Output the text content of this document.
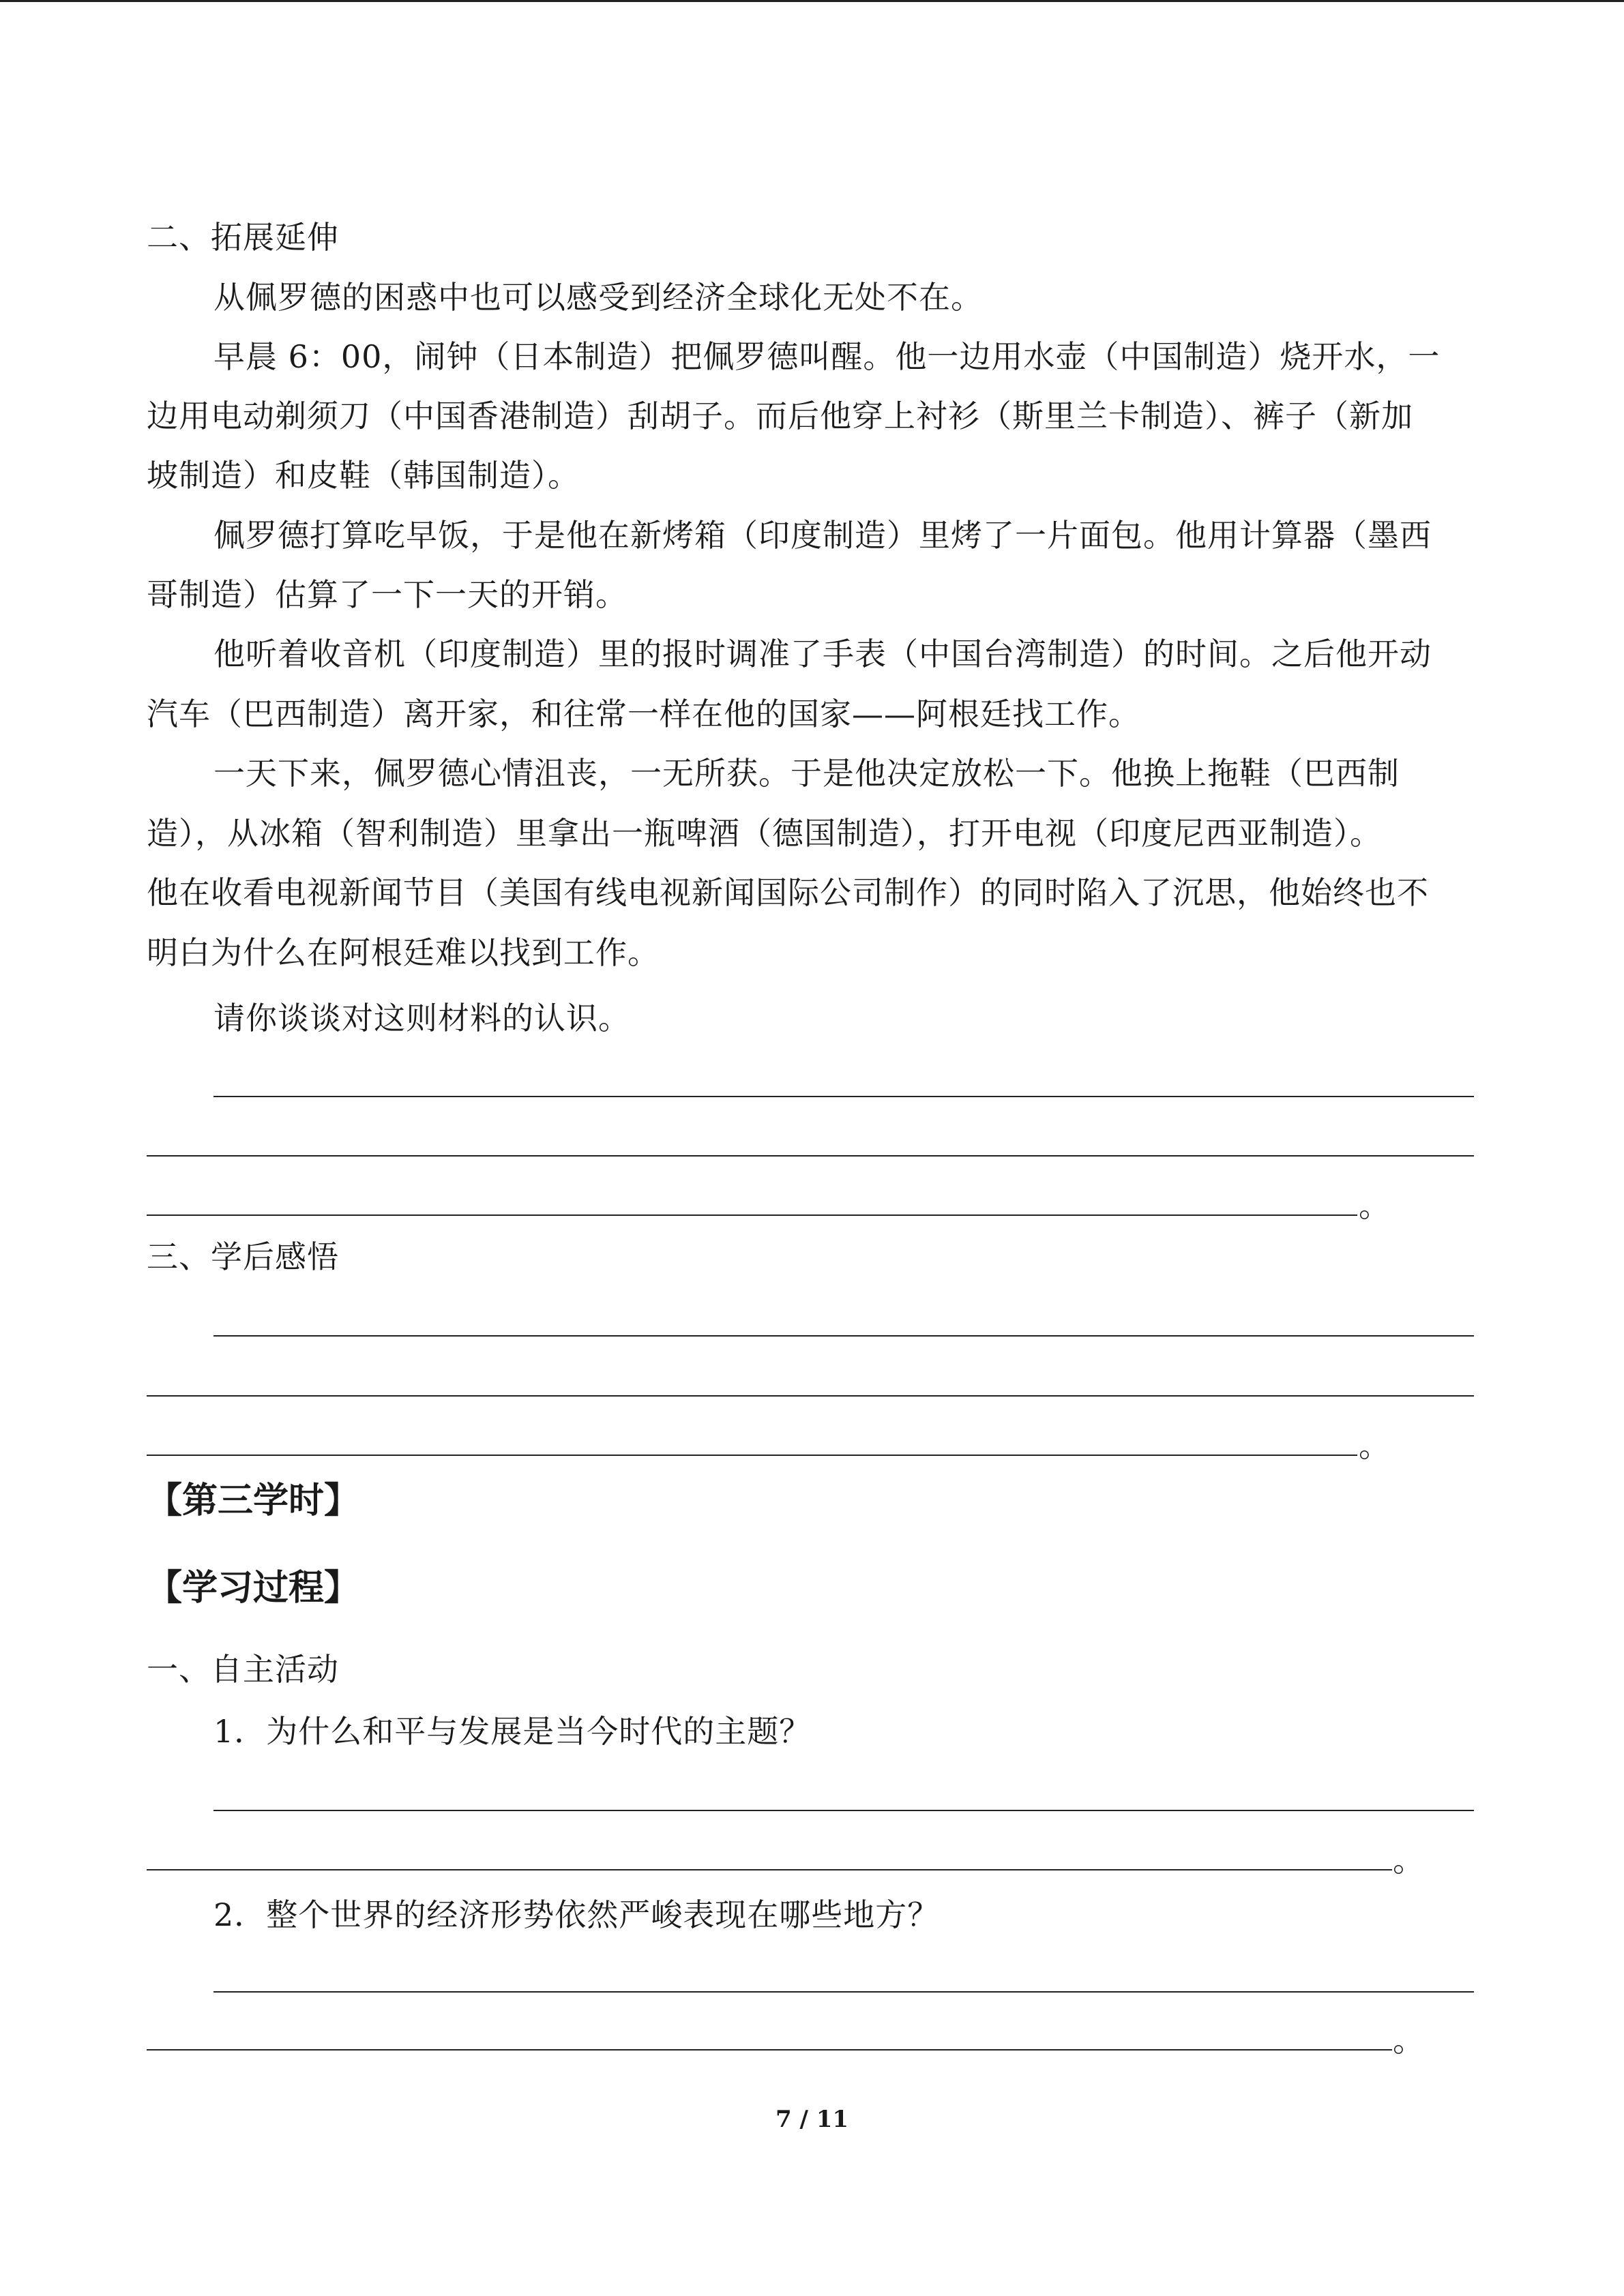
二、拓展延伸
从佩罗德的困惑中也可以感受到经济全球化无处不在。
早晨 6：00，闹钟（日本制造）把佩罗德叫醒。他一边用水壶（中国制造）烧开水，一
边用电动剃须刀（中国香港制造）刮胡子。而后他穿上衬衫（斯里兰卡制造）、裤子（新加
坡制造）和皮鞋（韩国制造）。
佩罗德打算吃早饭，于是他在新烤箱（印度制造）里烤了一片面包。他用计算器（墨西
哥制造）估算了一下一天的开销。
他听着收音机（印度制造）里的报时调准了手表（中国台湾制造）的时间。之后他开动
汽车（巴西制造）离开家，和往常一样在他的国家——阿根廷找工作。
一天下来，佩罗德心情沮丧，一无所获。于是他决定放松一下。他换上拖鞋（巴西制
造），从冰箱（智利制造）里拿出一瓶啤酒（德国制造），打开电视（印度尼西亚制造）。
他在收看电视新闻节目（美国有线电视新闻国际公司制作）的同时陷入了沉思，他始终也不
明白为什么在阿根廷难以找到工作。
请你谈谈对这则材料的认识。
。
三、学后感悟
。
【第三学时】
【学习过程】
一、自主活动
1．为什么和平与发展是当今时代的主题？
。
2．整个世界的经济形势依然严峻表现在哪些地方？
。
7 / 11
